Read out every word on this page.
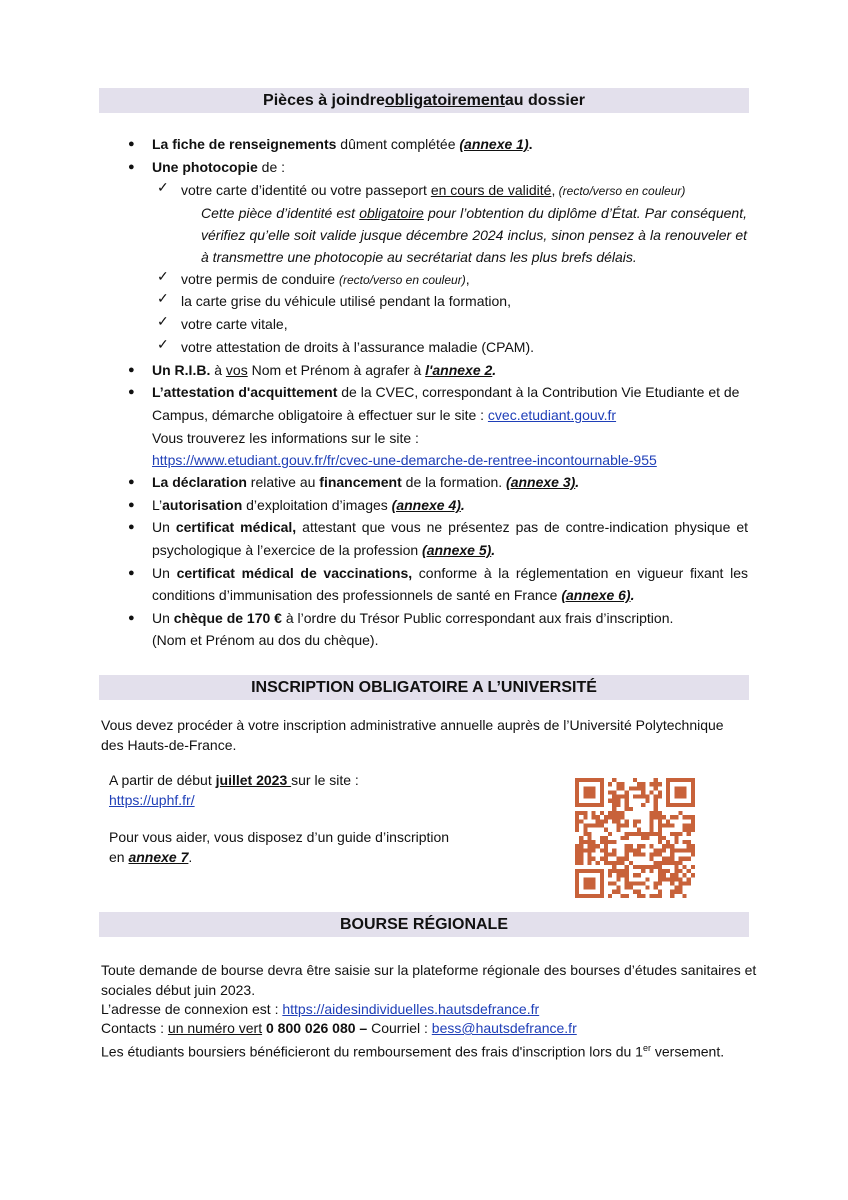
Pièces à joindre obligatoirement au dossier
● La fiche de renseignements dûment complétée (annexe 1).
● Une photocopie de :
✓ votre carte d’identité ou votre passeport en cours de validité, (recto/verso en couleur)
Cette pièce d’identité est obligatoire pour l’obtention du diplôme d’État. Par conséquent, vérifiez qu’elle soit valide jusque décembre 2024 inclus, sinon pensez à la renouveler et à transmettre une photocopie au secrétariat dans les plus brefs délais.
✓ votre permis de conduire (recto/verso en couleur),
✓ la carte grise du véhicule utilisé pendant la formation,
✓ votre carte vitale,
✓ votre attestation de droits à l’assurance maladie (CPAM).
● Un R.I.B. à vos Nom et Prénom à agrafer à l'annexe 2.
● L’attestation d'acquittement de la CVEC, correspondant à la Contribution Vie Etudiante et de
Campus, démarche obligatoire à effectuer sur le site : cvec.etudiant.gouv.fr
Vous trouverez les informations sur le site :
https://www.etudiant.gouv.fr/fr/cvec-une-demarche-de-rentree-incontournable-955
● La déclaration relative au financement de la formation. (annexe 3).
● L’autorisation d’exploitation d’images (annexe 4).
● Un certificat médical, attestant que vous ne présentez pas de contre-indication physique et
psychologique à l’exercice de la profession (annexe 5).
● Un certificat médical de vaccinations, conforme à la réglementation en vigueur fixant les
conditions d’immunisation des professionnels de santé en France (annexe 6).
● Un chèque de 170 € à l’ordre du Trésor Public correspondant aux frais d’inscription.
(Nom et Prénom au dos du chèque).
INSCRIPTION OBLIGATOIRE A L’UNIVERSITÉ
Vous devez procéder à votre inscription administrative annuelle auprès de l’Université Polytechnique
des Hauts-de-France.
A partir de début juillet 2023 sur le site :
https://uphf.fr/
Pour vous aider, vous disposez d’un guide d’inscription
en annexe 7.
BOURSE RÉGIONALE
Toute demande de bourse devra être saisie sur la plateforme régionale des bourses d’études sanitaires et
sociales début juin 2023.
L’adresse de connexion est : https://aidesindividuelles.hautsdefrance.fr
Contacts : un numéro vert 0 800 026 080 – Courriel : bess@hautsdefrance.fr
Les étudiants boursiers bénéficieront du remboursement des frais d'inscription lors du 1er versement.
